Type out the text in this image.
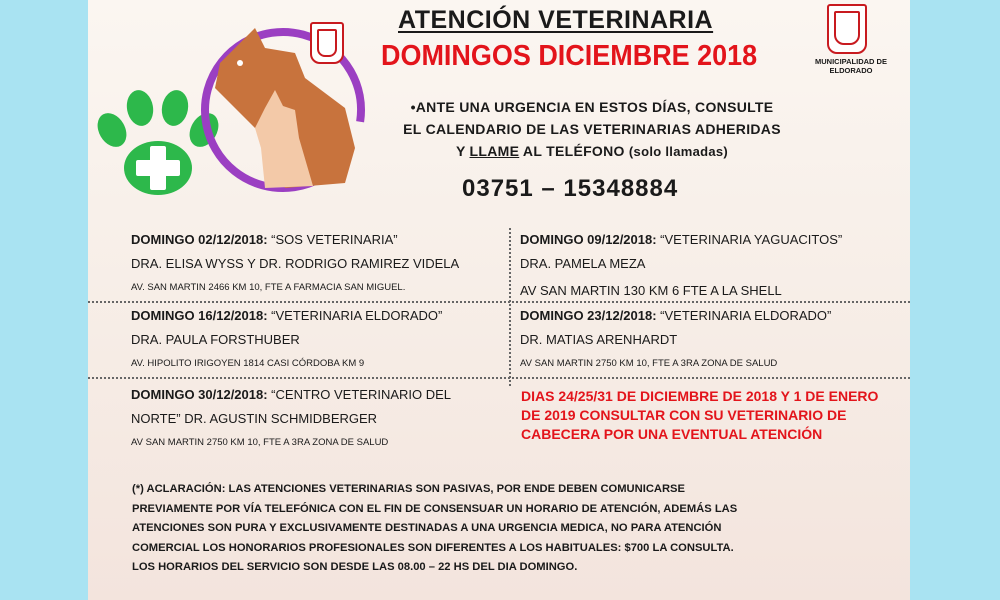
MUNICIPALIDAD DE ELDORADO
ATENCIÓN VETERINARIA
DOMINGOS DICIEMBRE 2018
•ANTE UNA URGENCIA EN ESTOS DÍAS, CONSULTE
EL CALENDARIO DE LAS VETERINARIAS ADHERIDAS
Y LLAME AL TELÉFONO (solo llamadas)
03751 – 15348884
DOMINGO 02/12/2018: “SOS VETERINARIA”
DRA. ELISA WYSS Y DR. RODRIGO RAMIREZ VIDELA
AV. SAN MARTIN 2466 KM 10, FTE A FARMACIA SAN MIGUEL.
DOMINGO 09/12/2018: “VETERINARIA YAGUACITOS”
DRA. PAMELA MEZA
AV SAN MARTIN 130 KM 6 FTE A LA SHELL
DOMINGO 16/12/2018: “VETERINARIA ELDORADO”
DRA. PAULA FORSTHUBER
AV. HIPOLITO IRIGOYEN 1814 CASI CÓRDOBA KM 9
DOMINGO 23/12/2018: “VETERINARIA ELDORADO”
DR. MATIAS ARENHARDT
AV SAN MARTIN 2750 KM 10, FTE A 3RA ZONA DE SALUD
DOMINGO 30/12/2018: “CENTRO VETERINARIO DEL
NORTE” DR. AGUSTIN SCHMIDBERGER
AV SAN MARTIN 2750 KM 10, FTE A 3RA ZONA DE SALUD
DIAS 24/25/31 DE DICIEMBRE DE 2018 Y 1 DE ENERO DE 2019 CONSULTAR CON SU VETERINARIO DE CABECERA POR UNA EVENTUAL ATENCIÓN
(*) ACLARACIÓN: LAS ATENCIONES VETERINARIAS SON PASIVAS, POR ENDE DEBEN COMUNICARSE
PREVIAMENTE POR VÍA TELEFÓNICA CON EL FIN DE CONSENSUAR UN HORARIO DE ATENCIÓN, ADEMÁS LAS
ATENCIONES SON PURA Y EXCLUSIVAMENTE DESTINADAS A UNA URGENCIA MEDICA, NO PARA ATENCIÓN
COMERCIAL LOS HONORARIOS PROFESIONALES SON DIFERENTES A LOS HABITUALES: $700 LA CONSULTA.
LOS HORARIOS DEL SERVICIO SON DESDE LAS 08.00 – 22 HS DEL DIA DOMINGO.
